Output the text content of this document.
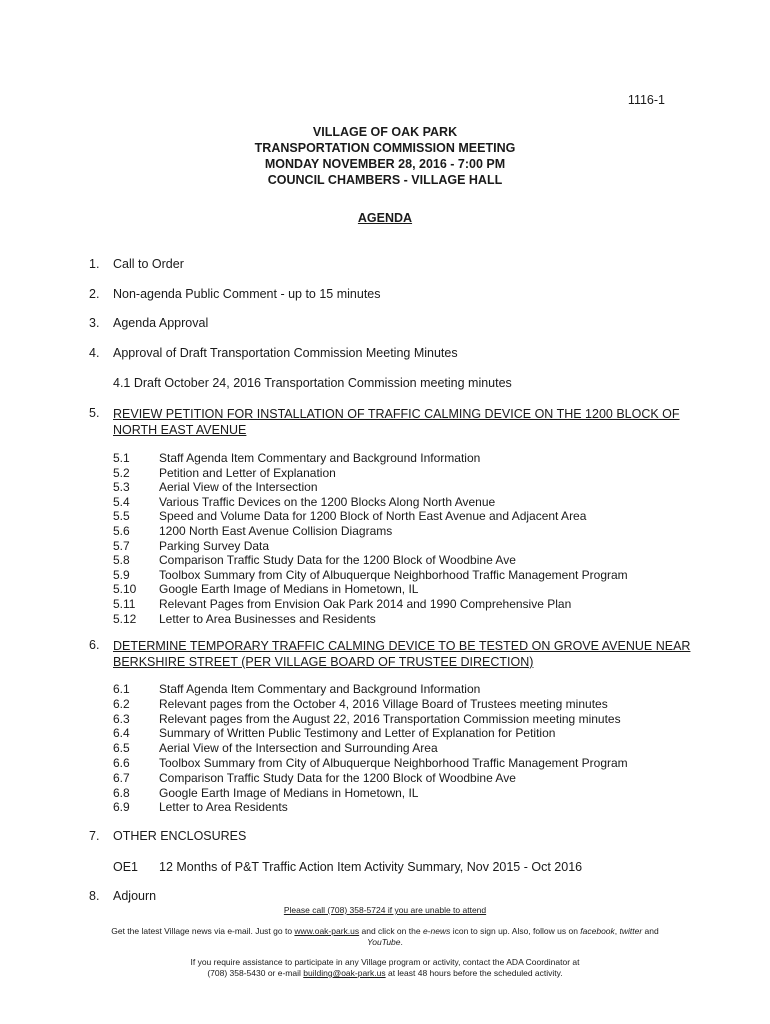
1116-1
VILLAGE OF OAK PARK
TRANSPORTATION COMMISSION MEETING
MONDAY NOVEMBER 28, 2016 - 7:00 PM
COUNCIL CHAMBERS - VILLAGE HALL
AGENDA
1. Call to Order
2. Non-agenda Public Comment - up to 15 minutes
3. Agenda Approval
4. Approval of Draft Transportation Commission Meeting Minutes
4.1 Draft October 24, 2016 Transportation Commission meeting minutes
5.	REVIEW PETITION FOR INSTALLATION OF TRAFFIC CALMING DEVICE ON THE 1200 BLOCK OF NORTH EAST AVENUE
5.1 Staff Agenda Item Commentary and Background Information
5.2 Petition and Letter of Explanation
5.3 Aerial View of the Intersection
5.4 Various Traffic Devices on the 1200 Blocks Along North Avenue
5.5 Speed and Volume Data for 1200 Block of North East Avenue and Adjacent Area
5.6 1200 North East Avenue Collision Diagrams
5.7 Parking Survey Data
5.8 Comparison Traffic Study Data for the 1200 Block of Woodbine Ave
5.9 Toolbox Summary from City of Albuquerque Neighborhood Traffic Management Program
5.10 Google Earth Image of Medians in Hometown, IL
5.11 Relevant Pages from Envision Oak Park 2014 and 1990 Comprehensive Plan
5.12 Letter to Area Businesses and Residents
6.	DETERMINE TEMPORARY TRAFFIC CALMING DEVICE TO BE TESTED ON GROVE AVENUE NEAR BERKSHIRE STREET (PER VILLAGE BOARD OF TRUSTEE DIRECTION)
6.1 Staff Agenda Item Commentary and Background Information
6.2 Relevant pages from the October 4, 2016 Village Board of Trustees meeting minutes
6.3 Relevant pages from the August 22, 2016 Transportation Commission meeting minutes
6.4 Summary of Written Public Testimony and Letter of Explanation for Petition
6.5 Aerial View of the Intersection and Surrounding Area
6.6 Toolbox Summary from City of Albuquerque Neighborhood Traffic Management Program
6.7 Comparison Traffic Study Data for the 1200 Block of Woodbine Ave
6.8 Google Earth Image of Medians in Hometown, IL
6.9 Letter to Area Residents
7. OTHER ENCLOSURES
OE1 12 Months of P&T Traffic Action Item Activity Summary, Nov 2015 - Oct 2016
8. Adjourn
Please call (708) 358-5724 if you are unable to attend
Get the latest Village news via e-mail. Just go to www.oak-park.us and click on the e-news icon to sign up. Also, follow us on facebook, twitter and
YouTube.
If you require assistance to participate in any Village program or activity, contact the ADA Coordinator at
(708) 358-5430 or e-mail building@oak-park.us at least 48 hours before the scheduled activity.
